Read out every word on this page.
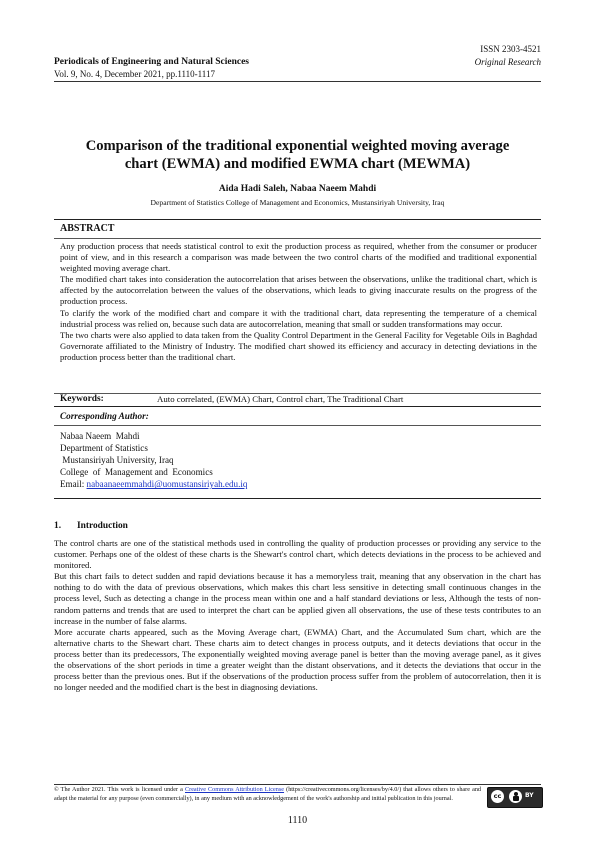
ISSN 2303-4521
Original Research
Periodicals of Engineering and Natural Sciences
Vol. 9, No. 4, December 2021, pp.1110-1117
Comparison of the traditional exponential weighted moving average
chart (EWMA) and modified EWMA chart (MEWMA)
Aida Hadi Saleh, Nabaa Naeem Mahdi
Department of Statistics College of Management and Economics, Mustansiriyah University, Iraq
ABSTRACT

Any production process that needs statistical control to exit the production process as required, whether from the consumer or producer point of view, and in this research a comparison was made between the two control charts of the modified and traditional exponential weighted moving average chart.

The modified chart takes into consideration the autocorrelation that arises between the observations, unlike the traditional chart, which is affected by the autocorrelation between the values of the observations, which leads to giving inaccurate results on the progress of the production process.

To clarify the work of the modified chart and compare it with the traditional chart, data representing the temperature of a chemical industrial process was relied on, because such data are autocorrelation, meaning that small or sudden transformations may occur.

The two charts were also applied to data taken from the Quality Control Department in the General Facility for Vegetable Oils in Baghdad Governorate affiliated to the Ministry of Industry. The modified chart showed its efficiency and accuracy in detecting deviations in the production process better than the traditional chart.

Keywords:	Auto correlated, (EWMA) Chart, Control chart, The Traditional Chart
Corresponding Author:
Nabaa Naeem  Mahdi
Department of Statistics
Mustansiriyah University, Iraq
College  of  Management and  Economics
Email: nabaanaeemmahdi@uomustansiriyah.edu.iq
1. Introduction

The control charts are one of the statistical methods used in controlling the quality of production processes or providing any service to the customer. Perhaps one of the oldest of these charts is the Shewart's control chart, which detects deviations in the process to be achieved and monitored.

But this chart fails to detect sudden and rapid deviations because it has a memoryless trait, meaning that any observation in the chart has nothing to do with the data of previous observations, which makes this chart less sensitive in detecting small continuous changes in the process level, Such as detecting a change in the process mean within one and a half standard deviations or less, Although the tests of non-random patterns and trends that are used to interpret the chart can be applied given all observations, the use of these tests contributes to an increase in the number of false alarms.

More accurate charts appeared, such as the Moving Average chart, (EWMA) Chart, and the Accumulated Sum chart, which are the alternative charts to the Shewart chart. These charts aim to detect changes in process outputs, and it detects deviations that occur in the process better than its predecessors, The exponentially weighted moving average panel is better than the moving average panel, as it gives the observations of the short periods in time a greater weight than the distant observations, and it detects the deviations that occur in the process better than the previous ones. But if the observations of the production process suffer from the problem of autocorrelation, then it is no longer needed and the modified chart is the best in diagnosing deviations.

© The Author 2021. This work is licensed under a Creative Commons Attribution License (https://creativecommons.org/licenses/by/4.0/) that allows others to share and adapt the material for any purpose (even commercially), in any medium with an acknowledgement of the work's authorship and initial publication in this journal.	cc	BY
1110
